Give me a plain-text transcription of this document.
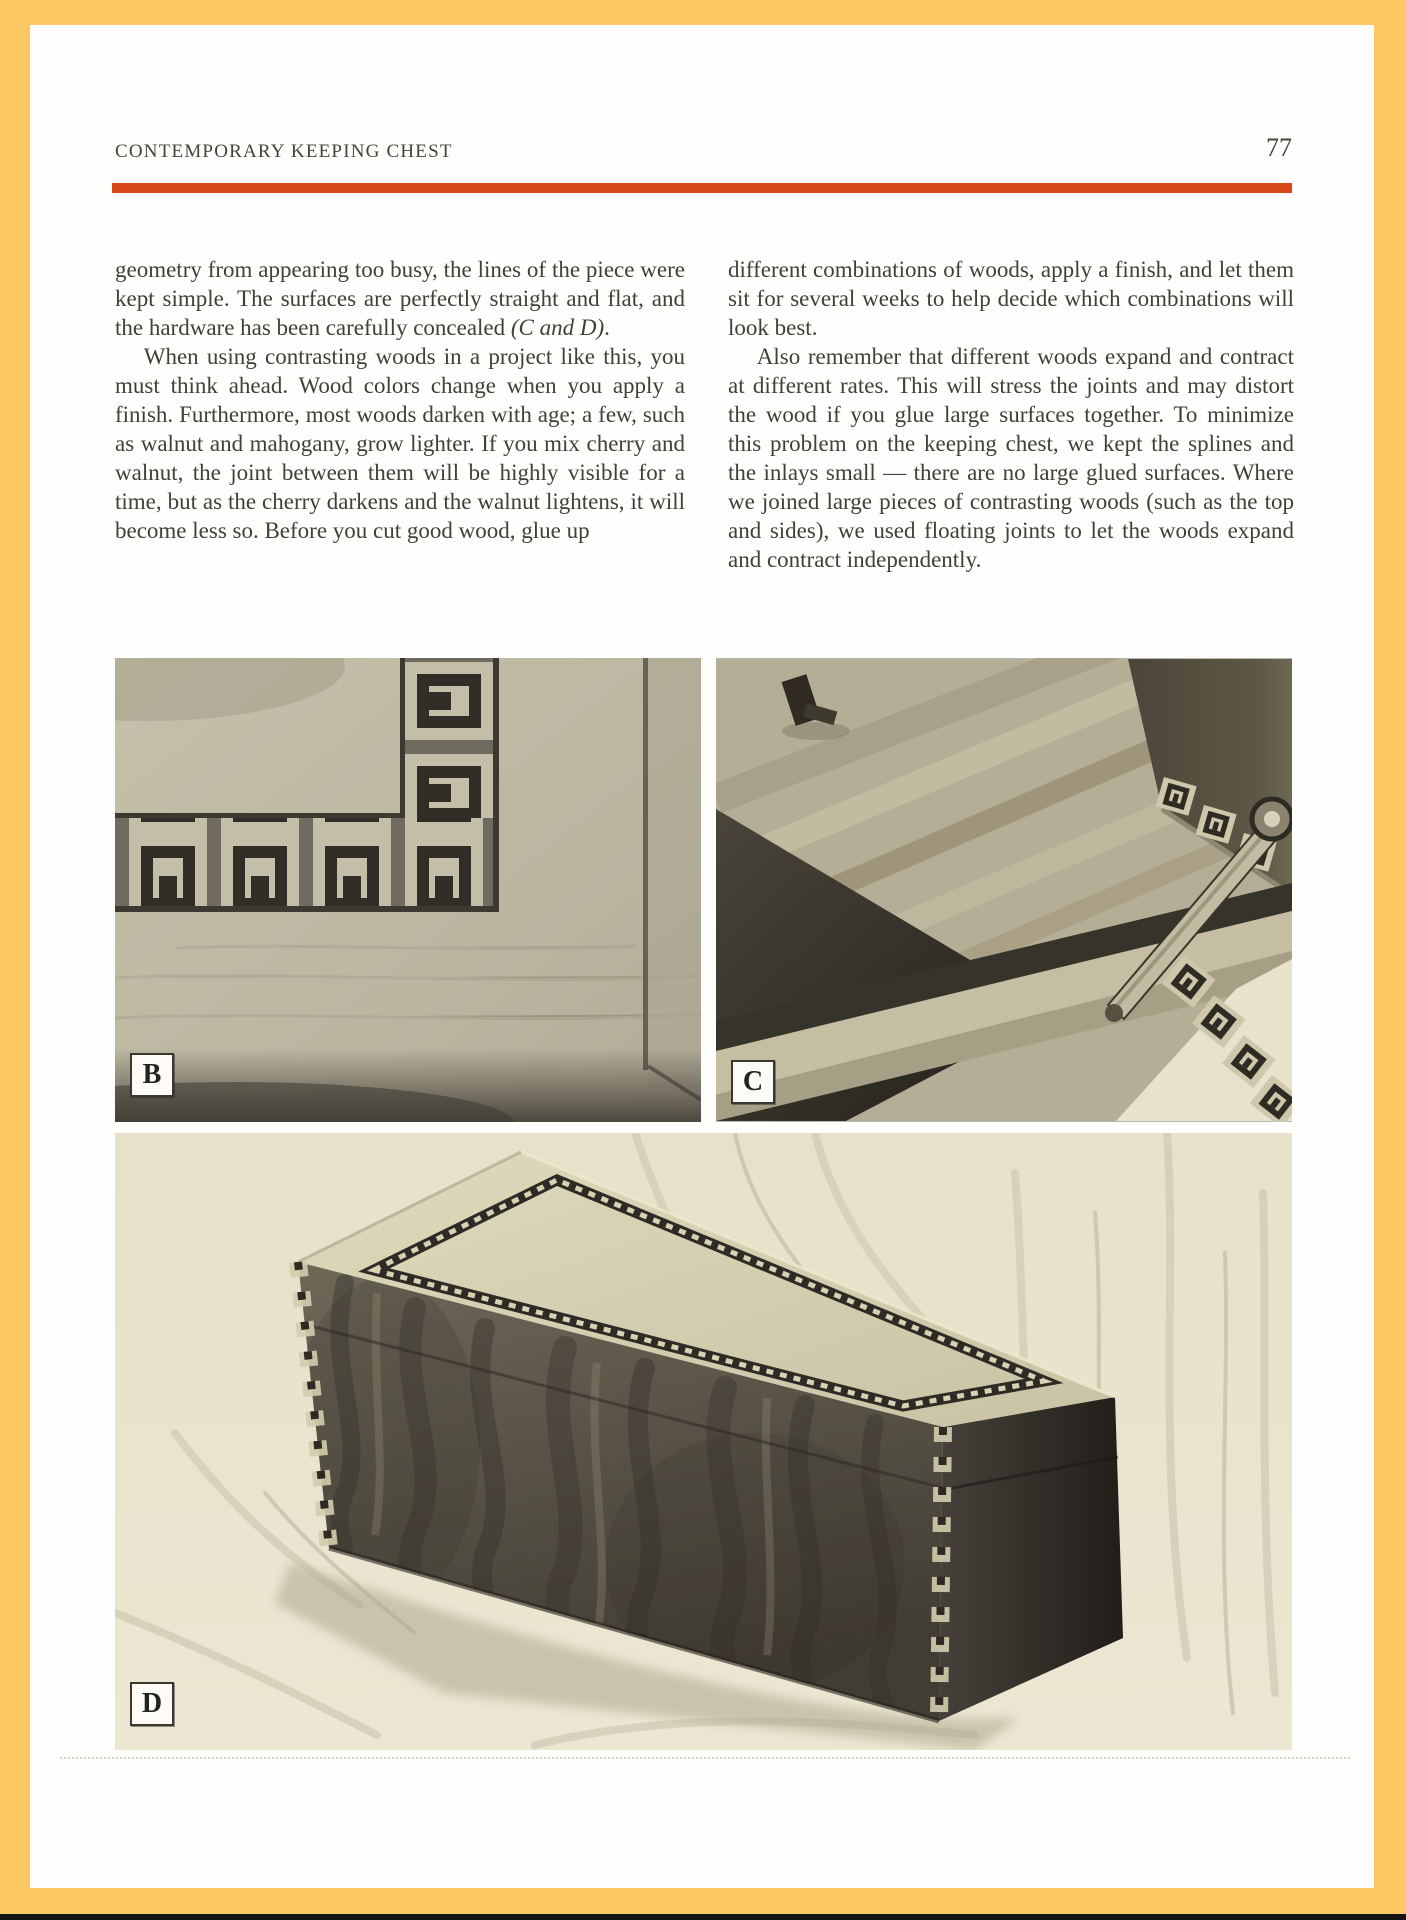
CONTEMPORARY KEEPING CHEST	77

geometry from appearing too busy, the lines of the piece were kept simple. The surfaces are perfectly straight and flat, and the hardware has been carefully concealed (C and D).

When using contrasting woods in a project like this, you must think ahead. Wood colors change when you apply a finish. Furthermore, most woods darken with age; a few, such as walnut and mahogany, grow lighter. If you mix cherry and walnut, the joint between them will be highly visible for a time, but as the cherry darkens and the walnut lightens, it will become less so. Before you cut good wood, glue up

different combinations of woods, apply a finish, and let them sit for several weeks to help decide which combinations will look best.

Also remember that different woods expand and contract at different rates. This will stress the joints and may distort the wood if you glue large surfaces together. To minimize this problem on the keeping chest, we kept the splines and the inlays small — there are no large glued surfaces. Where we joined large pieces of contrasting woods (such as the top and sides), we used floating joints to let the woods expand and contract independently.

B	C
D
